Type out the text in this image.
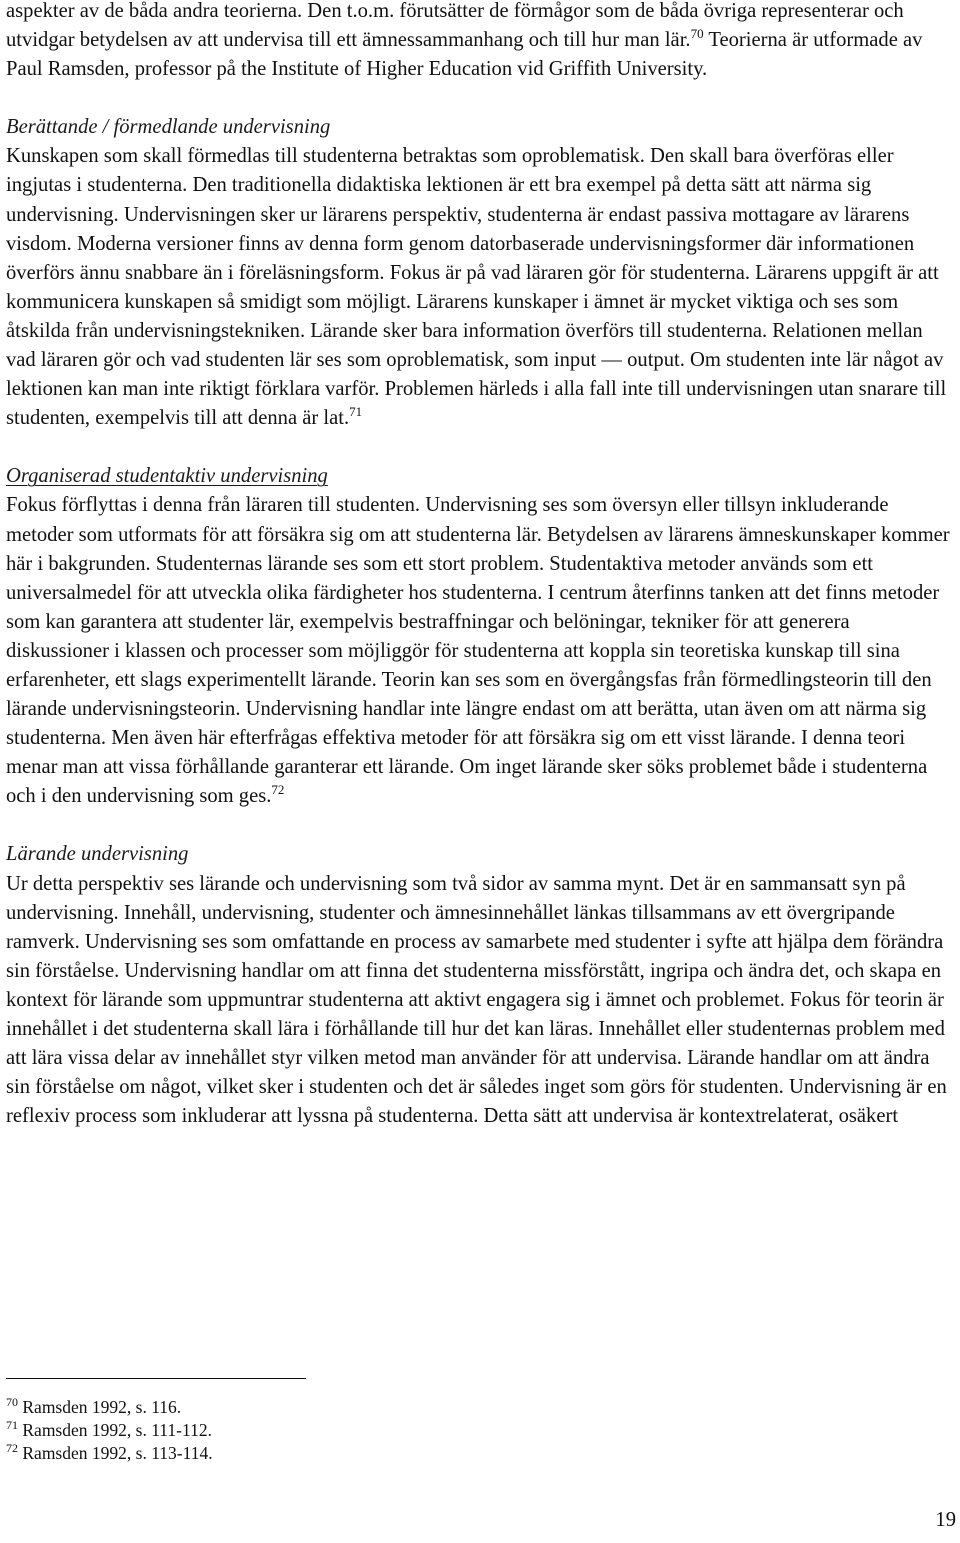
aspekter av de båda andra teorierna. Den t.o.m. förutsätter de förmågor som de båda övriga representerar och utvidgar betydelsen av att undervisa till ett ämnessammanhang och till hur man lär.$^{70}$ Teorierna är utformade av Paul Ramsden, professor på the Institute of Higher Education vid Griffith University.

Berättande / förmedlande undervisning

Kunskapen som skall förmedlas till studenterna betraktas som oproblematisk. Den skall bara överföras eller ingjutas i studenterna. Den traditionella didaktiska lektionen är ett bra exempel på detta sätt att närma sig undervisning. Undervisningen sker ur lärarens perspektiv, studenterna är endast passiva mottagare av lärarens visdom. Moderna versioner finns av denna form genom datorbaserade undervisningsformer där informationen överförs ännu snabbare än i föreläsningsform. Fokus är på vad läraren gör för studenterna. Lärarens uppgift är att kommunicera kunskapen så smidigt som möjligt. Lärarens kunskaper i ämnet är mycket viktiga och ses som åtskilda från undervisningstekniken. Lärande sker bara information överförs till studenterna. Relationen mellan vad läraren gör och vad studenten lär ses som oproblematisk, som input — output. Om studenten inte lär något av lektionen kan man inte riktigt förklara varför. Problemen härleds i alla fall inte till undervisningen utan snarare till studenten, exempelvis till att denna är lat.$^{71}$

Organiserad studentaktiv undervisning

Fokus förflyttas i denna från läraren till studenten. Undervisning ses som översyn eller tillsyn inkluderande metoder som utformats för att försäkra sig om att studenterna lär. Betydelsen av lärarens ämneskunskaper kommer här i bakgrunden. Studenternas lärande ses som ett stort problem. Studentaktiva metoder används som ett universalmedel för att utveckla olika färdigheter hos studenterna. I centrum återfinns tanken att det finns metoder som kan garantera att studenter lär, exempelvis bestraffningar och belöningar, tekniker för att generera diskussioner i klassen och processer som möjliggör för studenterna att koppla sin teoretiska kunskap till sina erfarenheter, ett slags experimentellt lärande. Teorin kan ses som en övergångsfas från förmedlingsteorin till den lärande undervisningsteorin. Undervisning handlar inte längre endast om att berätta, utan även om att närma sig studenterna. Men även här efterfrågas effektiva metoder för att försäkra sig om ett visst lärande. I denna teori menar man att vissa förhållande garanterar ett lärande. Om inget lärande sker söks problemet både i studenterna och i den undervisning som ges.$^{72}$

Lärande undervisning

Ur detta perspektiv ses lärande och undervisning som två sidor av samma mynt. Det är en sammansatt syn på undervisning. Innehåll, undervisning, studenter och ämnesinnehållet länkas tillsammans av ett övergripande ramverk. Undervisning ses som omfattande en process av samarbete med studenter i syfte att hjälpa dem förändra sin förståelse. Undervisning handlar om att finna det studenterna missförstått, ingripa och ändra det, och skapa en kontext för lärande som uppmuntrar studenterna att aktivt engagera sig i ämnet och problemet. Fokus för teorin är innehållet i det studenterna skall lära i förhållande till hur det kan läras. Innehållet eller studenternas problem med att lära vissa delar av innehållet styr vilken metod man använder för att undervisa. Lärande handlar om att ändra sin förståelse om något, vilket sker i studenten och det är således inget som görs för studenten. Undervisning är en reflexiv process som inkluderar att lyssna på studenterna. Detta sätt att undervisa är kontextrelaterat, osäkert

$^{70}$ Ramsden 1992, s. 116.

$^{71}$ Ramsden 1992, s. 111-112.

$^{72}$ Ramsden 1992, s. 113-114.

19
